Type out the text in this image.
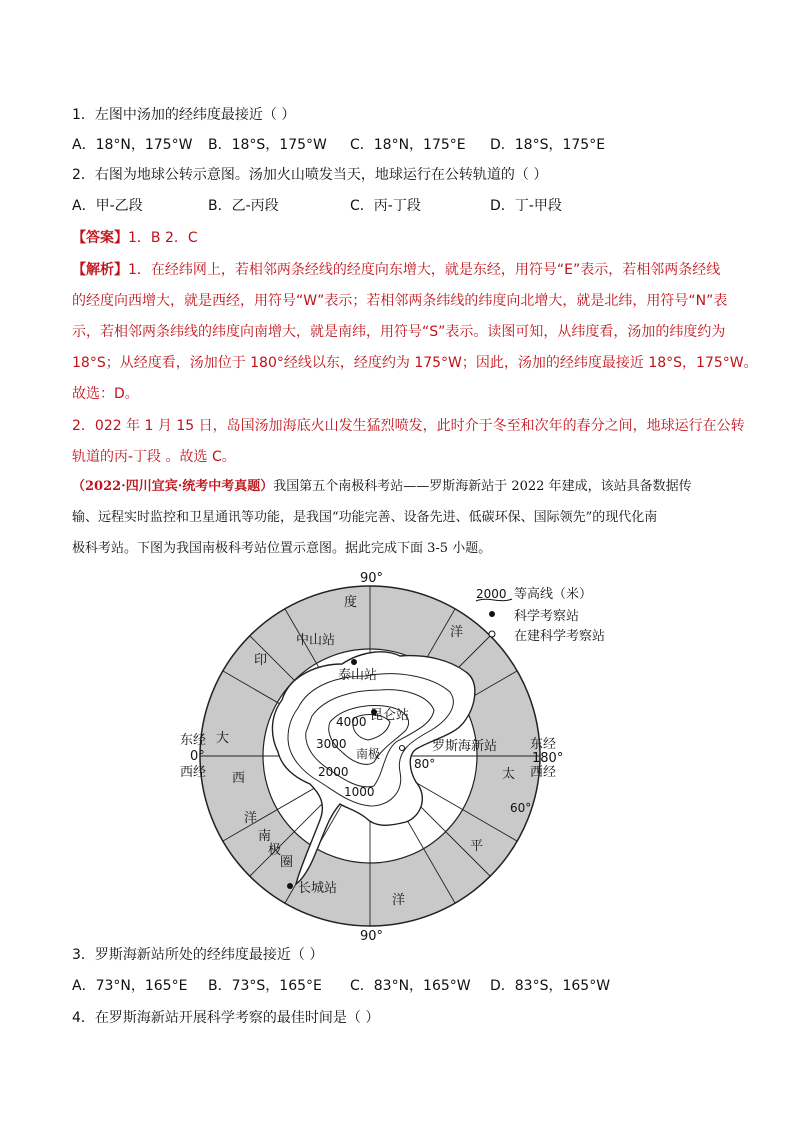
1．左图中汤加的经纬度最接近（ ）
A．18°N，175°W	B．18°S，175°W	C．18°N，175°E	D．18°S，175°E
2．右图为地球公转示意图。汤加火山喷发当天，地球运行在公转轨道的（ ）
A．甲-乙段	B．乙-丙段	C．丙-丁段	D．丁-甲段
【答案】1．B 2．C
【解析】1．在经纬网上，若相邻两条经线的经度向东增大，就是东经，用符号“E”表示，若相邻两条经线
的经度向西增大，就是西经，用符号“W”表示；若相邻两条纬线的纬度向北增大，就是北纬，用符号“N”表
示，若相邻两条纬线的纬度向南增大，就是南纬，用符号“S”表示。读图可知，从纬度看，汤加的纬度约为
18°S；从经度看，汤加位于 180°经线以东，经度约为 175°W；因此，汤加的经纬度最接近 18°S，175°W。
故选：D。
2．022 年 1 月 15 日，岛国汤加海底火山发生猛烈喷发，此时介于冬至和次年的春分之间，地球运行在公转
轨道的丙-丁段 。故选 C。
（2022·四川宜宾·统考中考真题）我国第五个南极科考站——罗斯海新站于 2022 年建成，该站具备数据传
输、远程实时监控和卫星通讯等功能，是我国“功能完善、设备先进、低碳环保、国际领先”的现代化南
极科考站。下图为我国南极科考站位置示意图。据此完成下面 3-5 小题。
90°
90°
东经
0°
西经
东经
180°
西经
80°
60°
度
洋
印
大
西
洋
太
平
洋
南
极
圈
4000
3000
2000
1000
中山站
泰山站
昆仑站
南极	罗斯海新站
长城站
2000 等高线（米）
科学考察站
在建科学考察站
3．罗斯海新站所处的经纬度最接近（ ）
A．73°N，165°E	B．73°S，165°E	C．83°N，165°W	D．83°S，165°W
4．在罗斯海新站开展科学考察的最佳时间是（ ）
